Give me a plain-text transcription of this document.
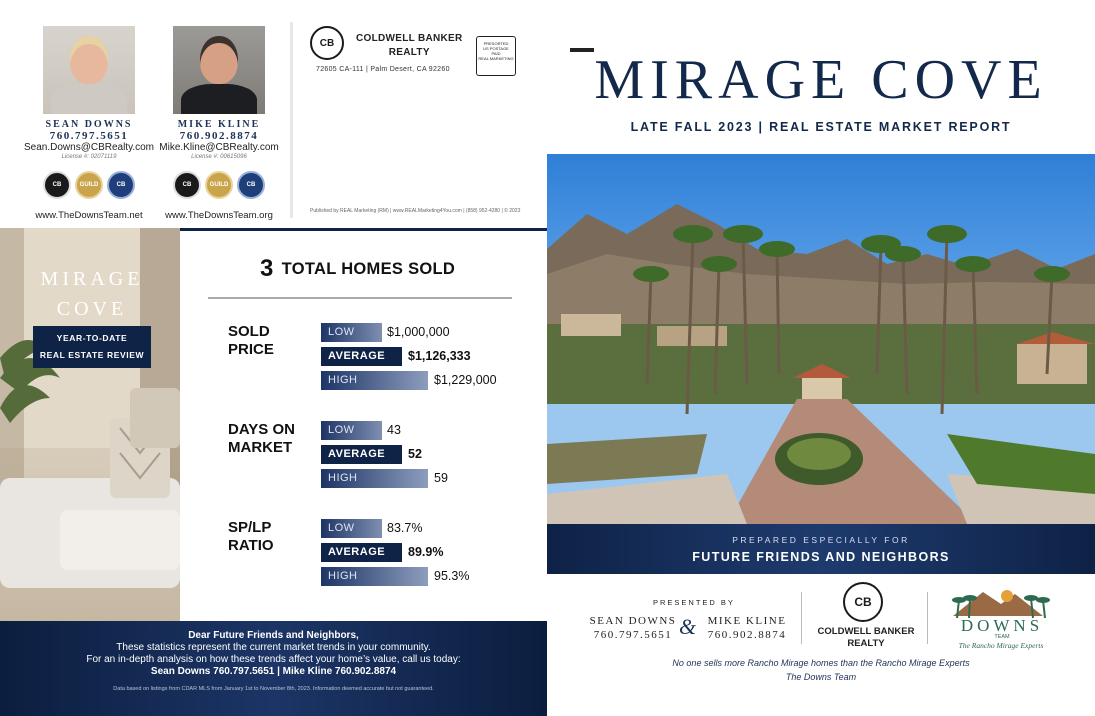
SEAN DOWNS
760.797.5651
Sean.Downs@CBRealty.com
License #: 02071119
CB	GUILD	CB
www.TheDownsTeam.net
MIKE KLINE
760.902.8874
Mike.Kline@CBRealty.com
License #: 00615096
CB	GUILD	CB
www.TheDownsTeam.org
CB	COLDWELL BANKER
REALTY
72605 CA-111 | Palm Desert, CA 92260
PRESORTED
US POSTAGE
PAID
REAL MARKETING
Published by REAL Marketing (RM) | www.REALMarketing4You.com | (858) 952-4280 | © 2023
MIRAGE COVE
LATE FALL 2023 | REAL ESTATE MARKET REPORT
PREPARED ESPECIALLY FOR
FUTURE FRIENDS AND NEIGHBORS
PRESENTED BY
SEAN DOWNS
760.797.5651 &	MIKE KLINE
760.902.8874
CB
COLDWELL BANKER
REALTY
DOWNS
TEAM
The Rancho Mirage Experts
No one sells more Rancho Mirage homes than the Rancho Mirage Experts
The Downs Team
MIRAGE
COVE
YEAR-TO-DATE
REAL ESTATE REVIEW
3 TOTAL HOMES SOLD
SOLD
PRICE
LOW	$1,000,000
AVERAGE	$1,126,333
HIGH	$1,229,000
DAYS ON
MARKET
LOW	43
AVERAGE	52
HIGH	59
SP/LP
RATIO
LOW	83.7%
AVERAGE	89.9%
HIGH	95.3%
Dear Future Friends and Neighbors,
These statistics represent the current market trends in your community.
For an in-depth analysis on how these trends affect your home’s value, call us today:
Sean Downs 760.797.5651 | Mike Kline 760.902.8874
Data based on listings from CDAR MLS from January 1st to November 8th, 2023. Information deemed accurate but not guaranteed.
